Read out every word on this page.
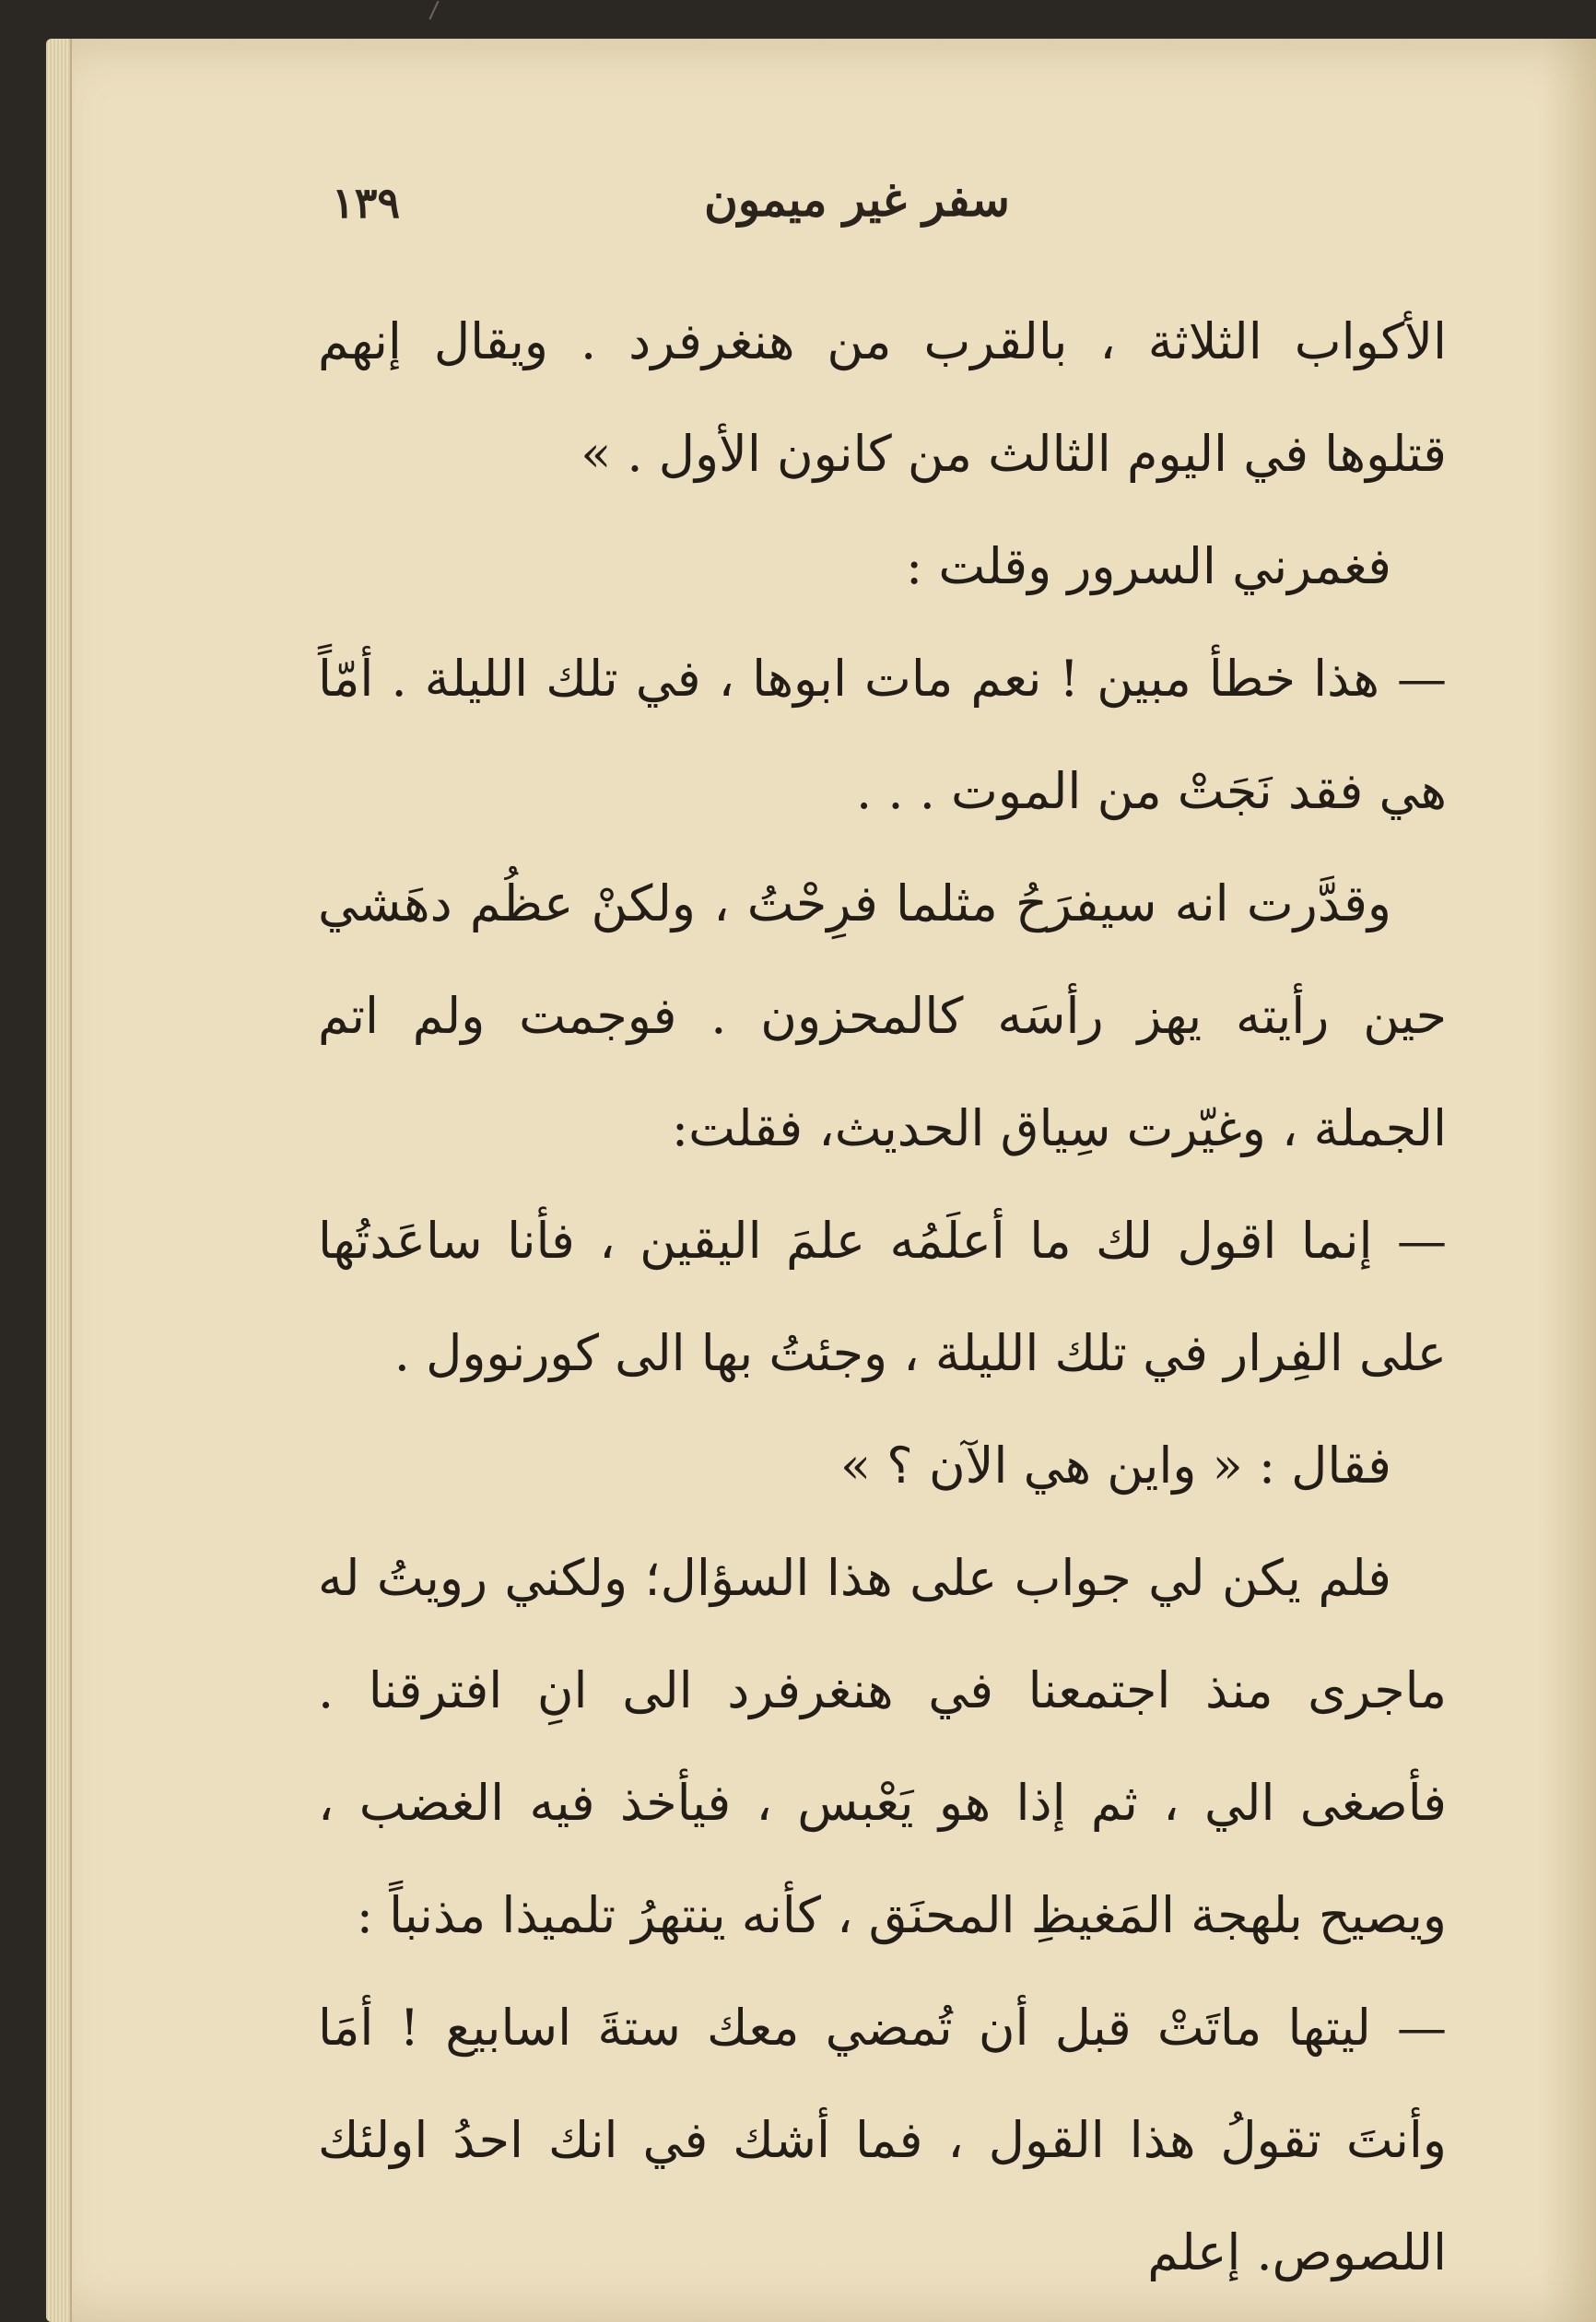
سفر غير ميمون
١٣٩

الأكواب الثلاثة ، بالقرب من هنغرفرد . ويقال إنهم قتلوها في اليوم الثالث من كانون الأول . »

فغمرني السرور وقلت :

— هذا خطأ مبين ! نعم مات ابوها ، في تلك الليلة . أمّاً هي فقد نَجَتْ من الموت . . .

وقدَّرت انه سيفرَحُ مثلما فرِحْتُ ، ولكنْ عظُم دهَشي حين رأيته يهز رأسَه كالمحزون . فوجمت ولم اتم الجملة ، وغيّرت سِياق الحديث، فقلت:

— إنما اقول لك ما أعلَمُه علمَ اليقين ، فأنا ساعَدتُها على الفِرار في تلك الليلة ، وجئتُ بها الى كورنوول .

فقال : « واين هي الآن ؟ »

فلم يكن لي جواب على هذا السؤال؛ ولكني رويتُ له ماجرى منذ اجتمعنا في هنغرفرد الى انِ افترقنا . فأصغى الي ، ثم إذا هو يَعْبس ، فيأخذ فيه الغضب ، ويصيح بلهجة المَغيظِ المحنَق ، كأنه ينتهرُ تلميذا مذنباً :

— ليتها ماتَتْ قبل أن تُمضي معك ستةَ اسابيع ! أمَا وأنتَ تقولُ هذا القول ، فما أشك في انك احدُ اولئك اللصوص. إعلم
